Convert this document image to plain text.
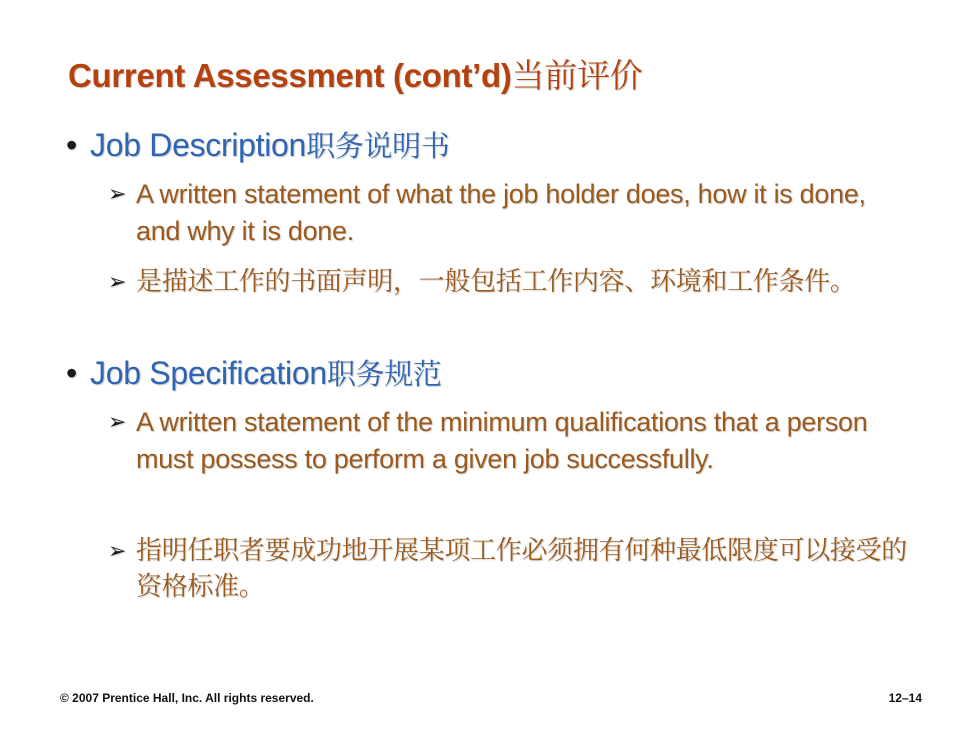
Current Assessment (cont’d)当前评价
• Job Description职务说明书
➢ A written statement of what the job holder does, how it is done, and why it is done.
➢ 是描述工作的书面声明，一般包括工作内容、环境和工作条件。
• Job Specification职务规范
➢ A written statement of the minimum qualifications that a person must possess to perform a given job successfully.
➢ 指明任职者要成功地开展某项工作必须拥有何种最低限度可以接受的资格标准。
© 2007 Prentice Hall, Inc. All rights reserved.	12–14
